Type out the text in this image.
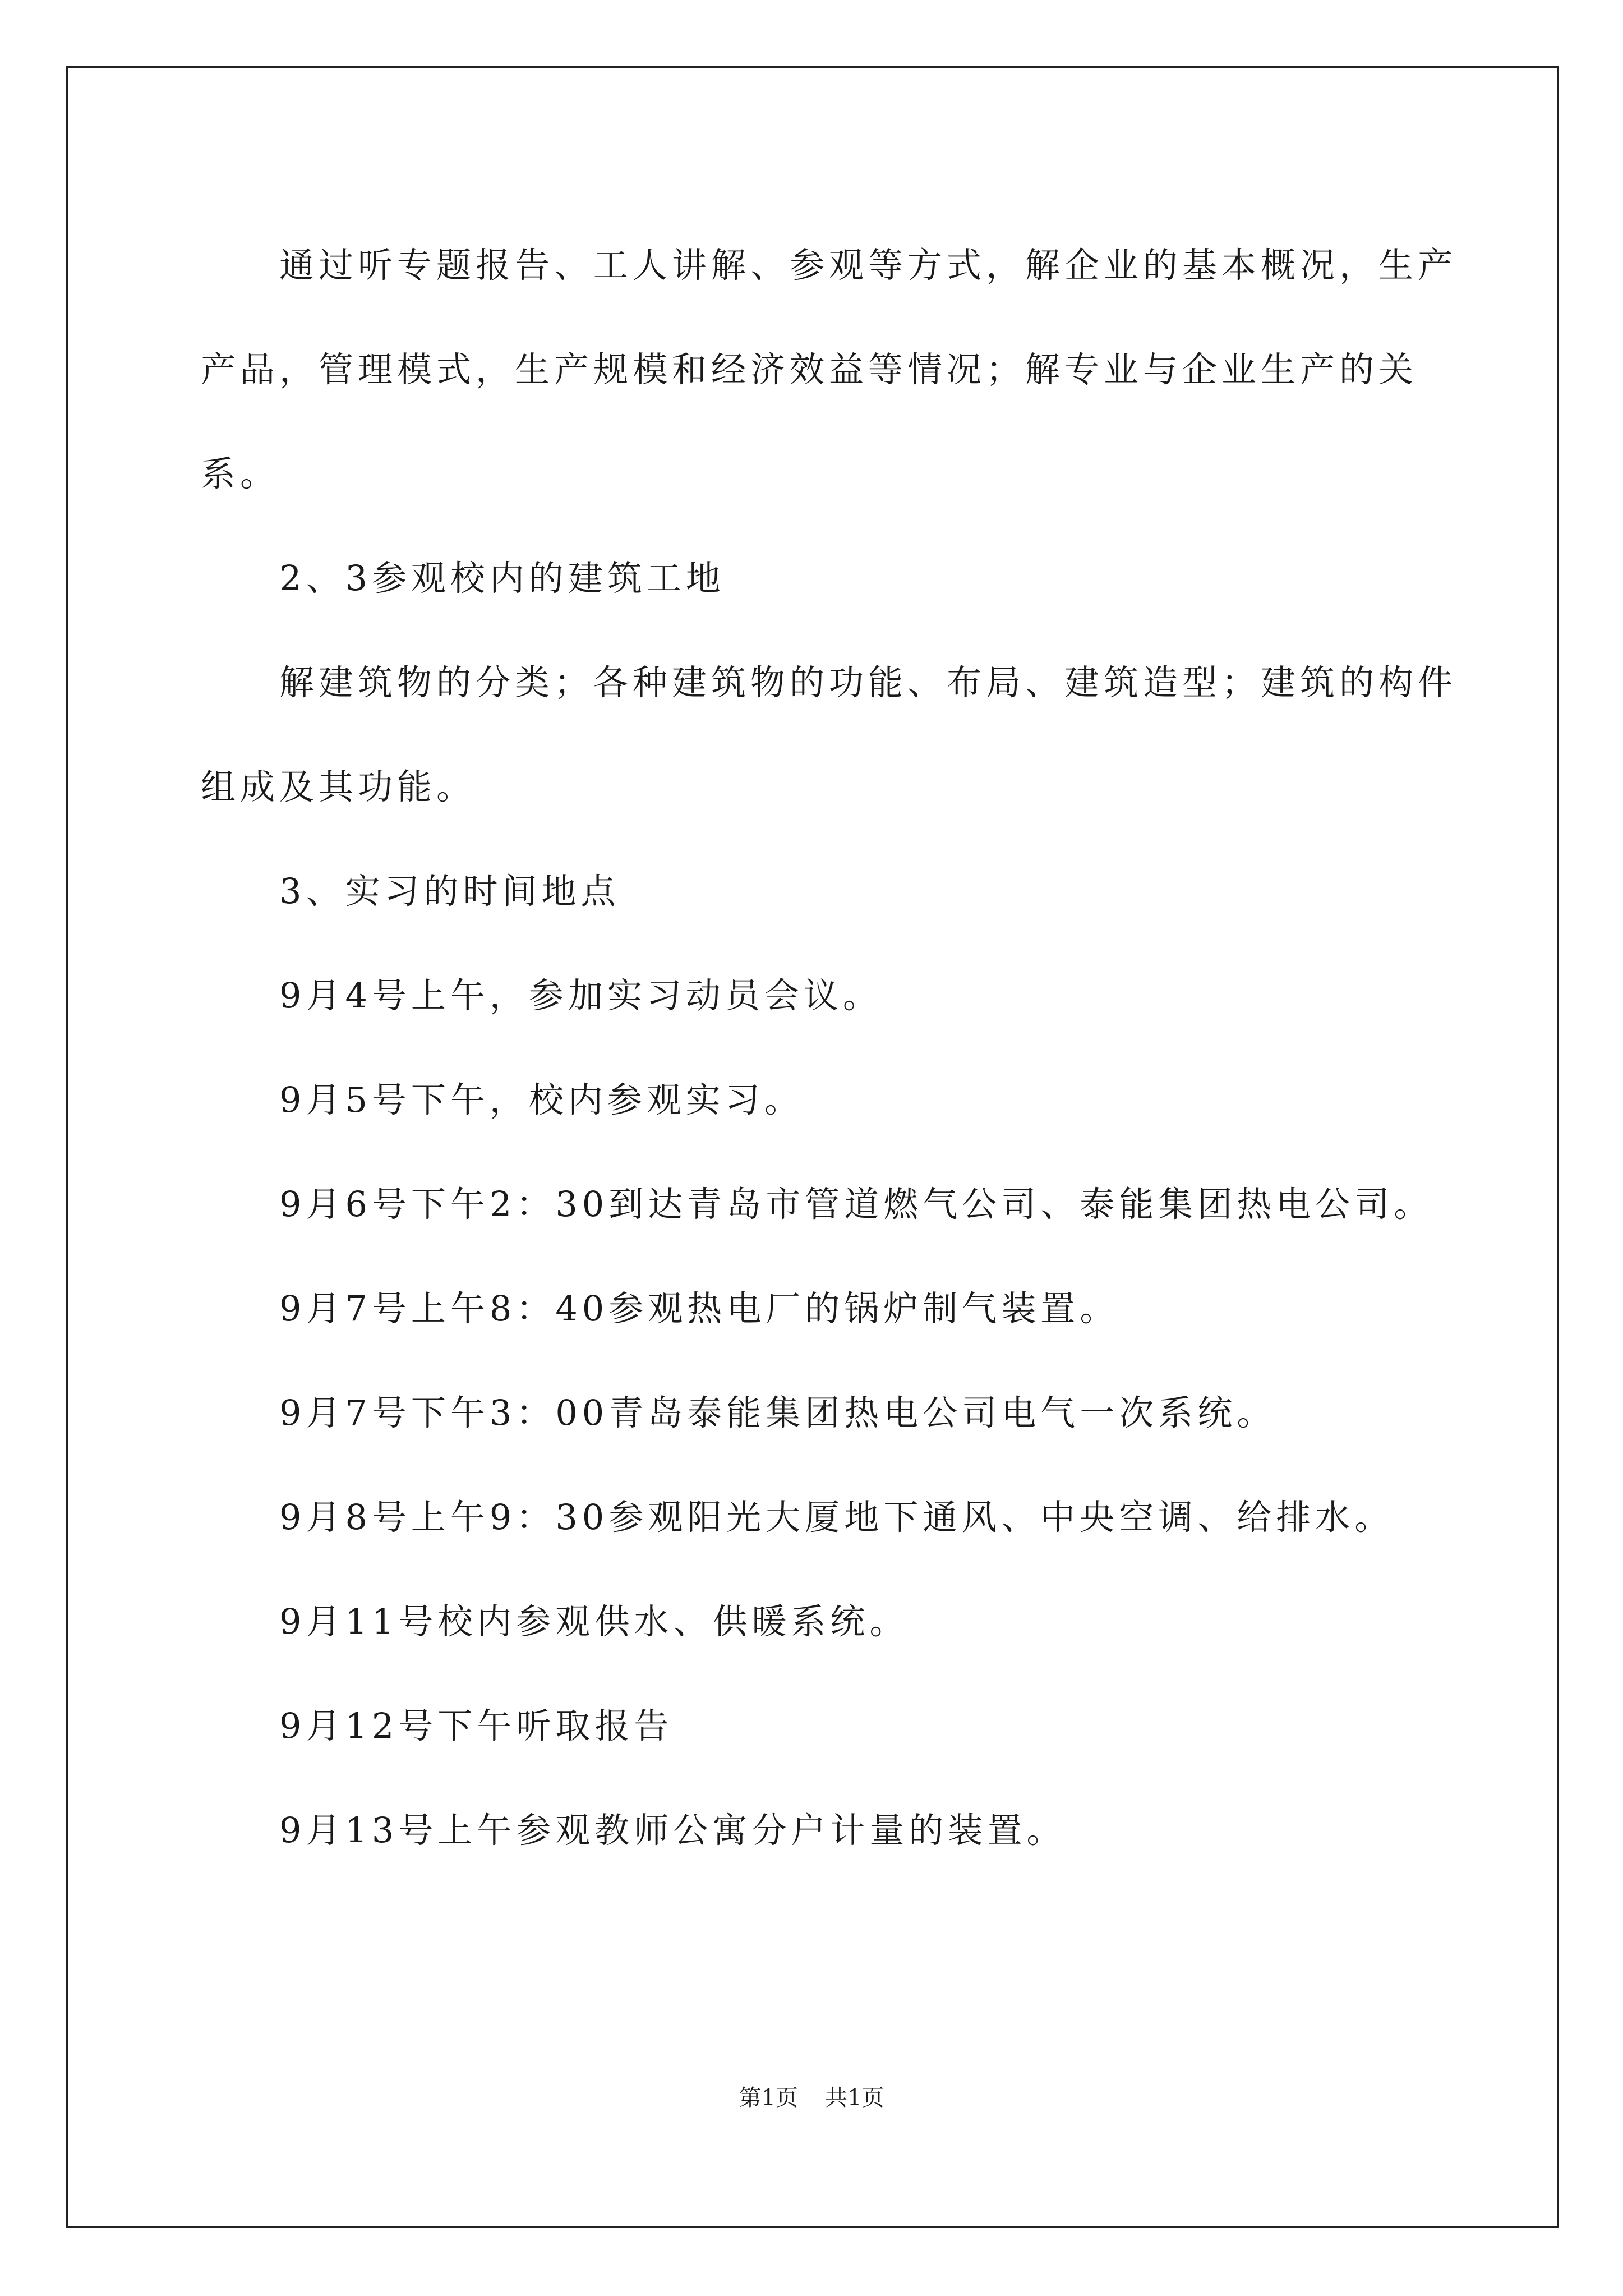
通过听专题报告、工人讲解、参观等方式，解企业的基本概况，生产产品，管理模式，生产规模和经济效益等情况；解专业与企业生产的关系。

2、3参观校内的建筑工地

解建筑物的分类；各种建筑物的功能、布局、建筑造型；建筑的构件组成及其功能。

3、实习的时间地点

9月4号上午，参加实习动员会议。

9月5号下午，校内参观实习。

9月6号下午2：30到达青岛市管道燃气公司、泰能集团热电公司。

9月7号上午8：40参观热电厂的锅炉制气装置。

9月7号下午3：00青岛泰能集团热电公司电气一次系统。

9月8号上午9：30参观阳光大厦地下通风、中央空调、给排水。

9月11号校内参观供水、供暖系统。

9月12号下午听取报告

9月13号上午参观教师公寓分户计量的装置。

第1页 共1页
